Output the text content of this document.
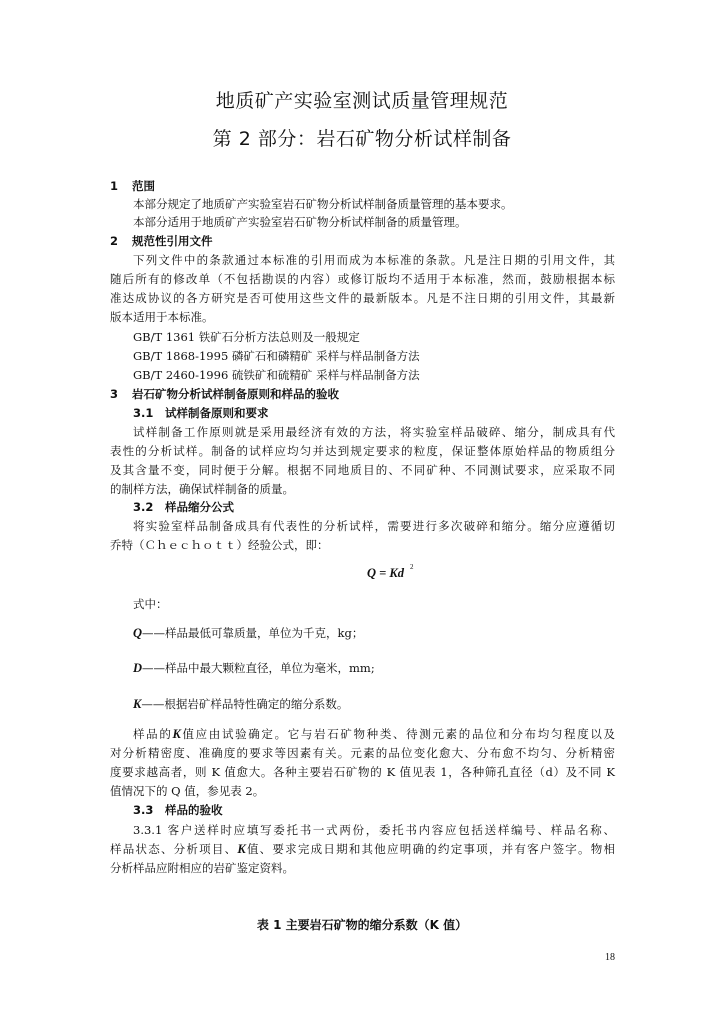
地质矿产实验室测试质量管理规范
第 2 部分：岩石矿物分析试样制备
1 范围
本部分规定了地质矿产实验室岩石矿物分析试样制备质量管理的基本要求。
本部分适用于地质矿产实验室岩石矿物分析试样制备的质量管理。
2 规范性引用文件
下列文件中的条款通过本标准的引用而成为本标准的条款。凡是注日期的引用文件，其
随后所有的修改单（不包括勘误的内容）或修订版均不适用于本标准，然而，鼓励根据本标
准达成协议的各方研究是否可使用这些文件的最新版本。凡是不注日期的引用文件，其最新
版本适用于本标准。
GB/T 1361 铁矿石分析方法总则及一般规定
GB/T 1868-1995 磷矿石和磷精矿 采样与样品制备方法
GB/T 2460-1996 硫铁矿和硫精矿 采样与样品制备方法
3 岩石矿物分析试样制备原则和样品的验收
3.1 试样制备原则和要求
试样制备工作原则就是采用最经济有效的方法，将实验室样品破碎、缩分，制成具有代
表性的分析试样。制备的试样应均匀并达到规定要求的粒度，保证整体原始样品的物质组分
及其含量不变，同时便于分解。根据不同地质目的、不同矿种、不同测试要求，应采取不同
的制样方法，确保试样制备的质量。
3.2 样品缩分公式
将实验室样品制备成具有代表性的分析试样，需要进行多次破碎和缩分。缩分应遵循切
乔特（Ｃｈｅｃｈｏｔｔ）经验公式，即：
Q = Kd $^2$
式中：
Q——样品最低可靠质量，单位为千克，kg；
D——样品中最大颗粒直径，单位为毫米，mm;
K——根据岩矿样品特性确定的缩分系数。
样品的K值应由试验确定。它与岩石矿物种类、待测元素的品位和分布均匀程度以及
对分析精密度、准确度的要求等因素有关。元素的品位变化愈大、分布愈不均匀、分析精密
度要求越高者，则 K 值愈大。各种主要岩石矿物的 K 值见表 1，各种筛孔直径（d）及不同 K
值情况下的 Q 值，参见表 2。
3.3 样品的验收
3.3.1 客户送样时应填写委托书一式两份，委托书内容应包括送样编号、样品名称、
样品状态、分析项目、K值、要求完成日期和其他应明确的约定事项，并有客户签字。物相
分析样品应附相应的岩矿鉴定资料。
表 1 主要岩石矿物的缩分系数（K 值）
18
